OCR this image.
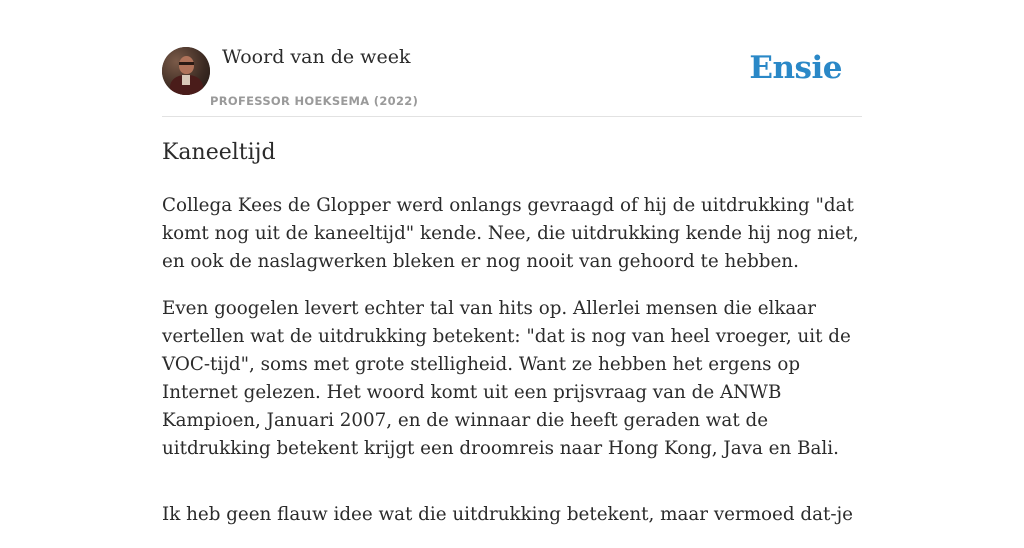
Woord van de week
PROFESSOR HOEKSEMA (2022)
Ensie
Kaneeltijd

Collega Kees de Glopper werd onlangs gevraagd of hij de uitdrukking "dat komt nog uit de kaneeltijd" kende. Nee, die uitdrukking kende hij nog niet, en ook de naslagwerken bleken er nog nooit van gehoord te hebben.

Even googelen levert echter tal van hits op. Allerlei mensen die elkaar vertellen wat de uitdrukking betekent: "dat is nog van heel vroeger, uit de VOC-tijd", soms met grote stelligheid. Want ze hebben het ergens op Internet gelezen. Het woord komt uit een prijsvraag van de ANWB Kampioen, Januari 2007, en de winnaar die heeft geraden wat de uitdrukking betekent krijgt een droomreis naar Hong Kong, Java en Bali.

Ik heb geen flauw idee wat die uitdrukking betekent, maar vermoed dat-je
